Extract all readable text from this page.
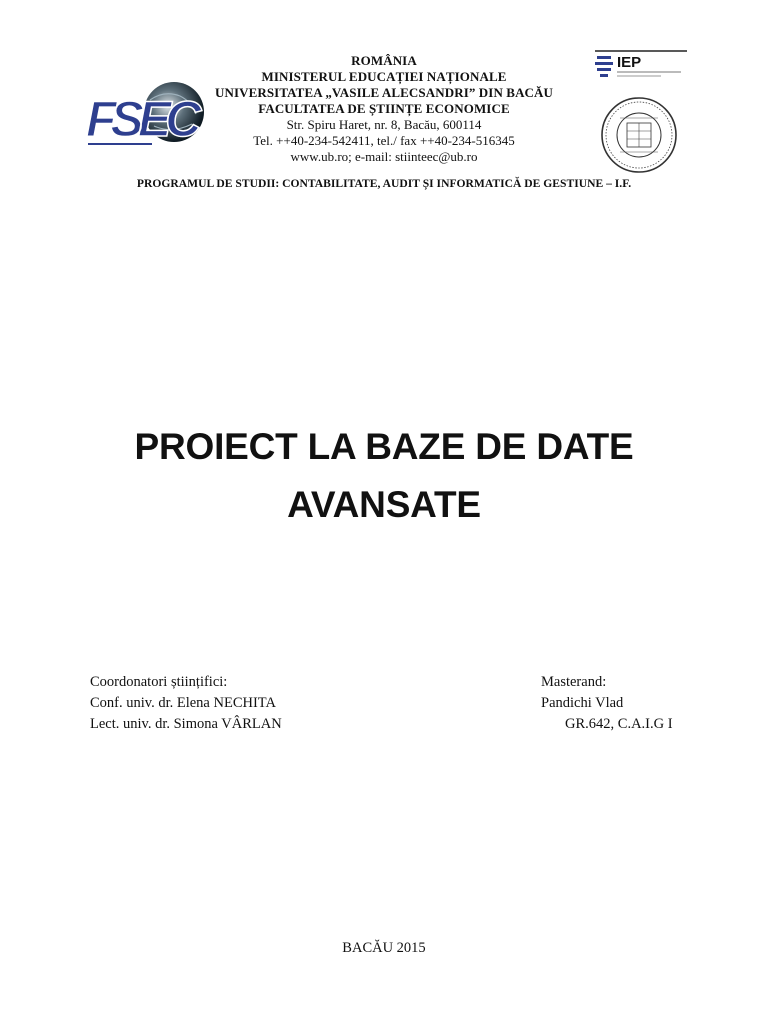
FSEC
ROMÂNIA
MINISTERUL EDUCAȚIEI NAȚIONALE
UNIVERSITATEA „VASILE ALECSANDRI” DIN BACĂU
FACULTATEA DE ȘTIINȚE ECONOMICE
Str. Spiru Haret, nr. 8, Bacău, 600114
Tel. ++40-234-542411, tel./ fax ++40-234-516345
www.ub.ro; e-mail: stiinteec@ub.ro
IEP
PROGRAMUL DE STUDII: CONTABILITATE, AUDIT ȘI INFORMATICĂ DE GESTIUNE – I.F.
PROIECT LA BAZE DE DATE
AVANSATE
Coordonatori științifici:
Conf. univ. dr. Elena NECHITA
Lect. univ. dr. Simona VÂRLAN
Masterand:
Pandichi Vlad
GR.642, C.A.I.G I
BACĂU 2015
